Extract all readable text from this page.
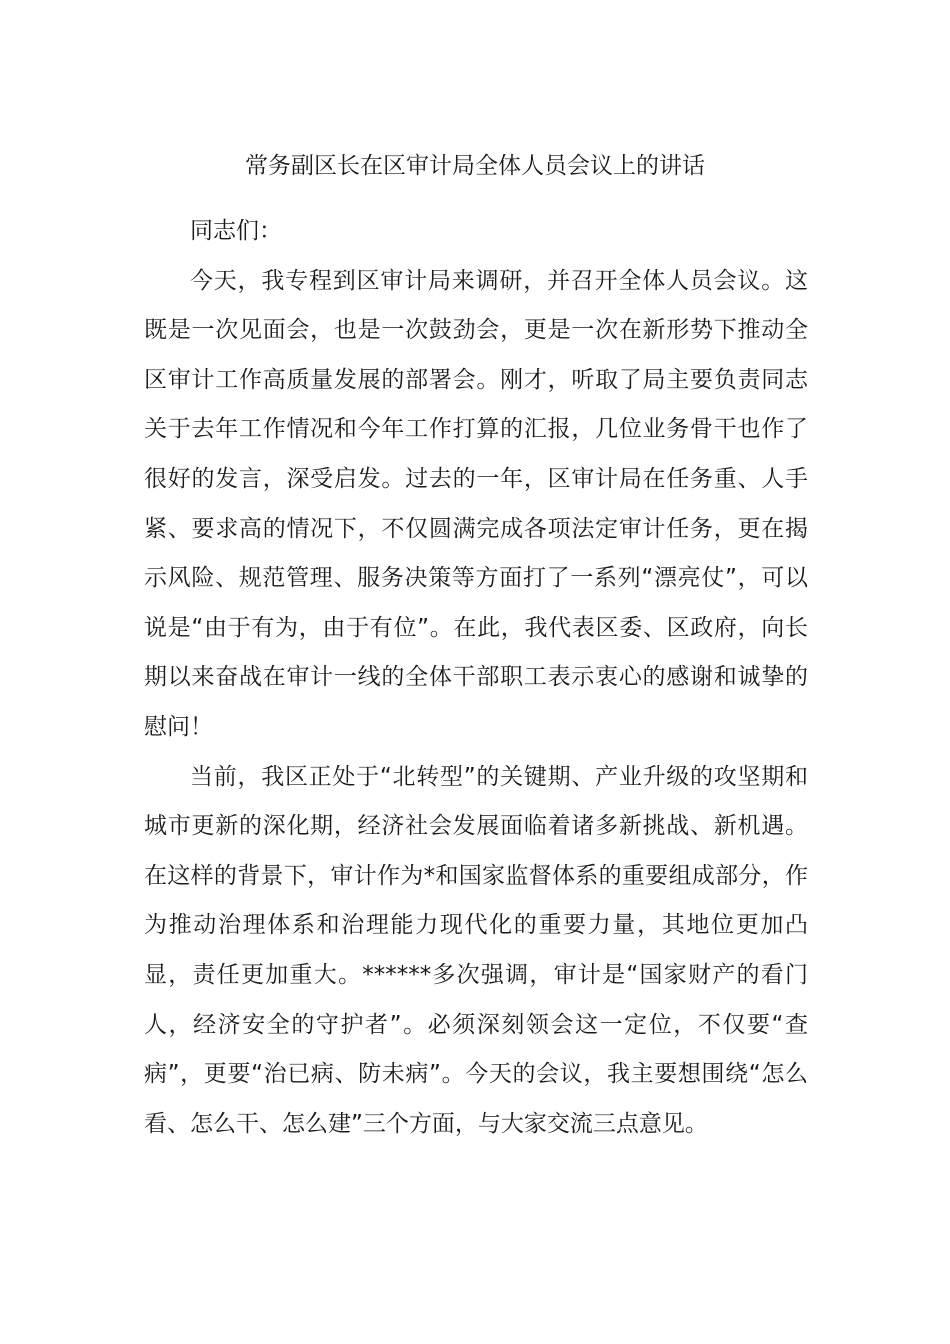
常务副区长在区审计局全体人员会议上的讲话

同志们：

今天，我专程到区审计局来调研，并召开全体人员会议。这既是一次见面会，也是一次鼓劲会，更是一次在新形势下推动全区审计工作高质量发展的部署会。刚才，听取了局主要负责同志关于去年工作情况和今年工作打算的汇报，几位业务骨干也作了很好的发言，深受启发。过去的一年，区审计局在任务重、人手紧、要求高的情况下，不仅圆满完成各项法定审计任务，更在揭示风险、规范管理、服务决策等方面打了一系列“漂亮仗”，可以说是“由于有为，由于有位”。在此，我代表区委、区政府，向长期以来奋战在审计一线的全体干部职工表示衷心的感谢和诚挚的慰问！

当前，我区正处于“北转型”的关键期、产业升级的攻坚期和城市更新的深化期，经济社会发展面临着诸多新挑战、新机遇。在这样的背景下，审计作为*和国家监督体系的重要组成部分，作为推动治理体系和治理能力现代化的重要力量，其地位更加凸显，责任更加重大。******多次强调，审计是“国家财产的看门人，经济安全的守护者”。必须深刻领会这一定位，不仅要“查病”，更要“治已病、防未病”。今天的会议，我主要想围绕“怎么看、怎么干、怎么建”三个方面，与大家交流三点意见。
